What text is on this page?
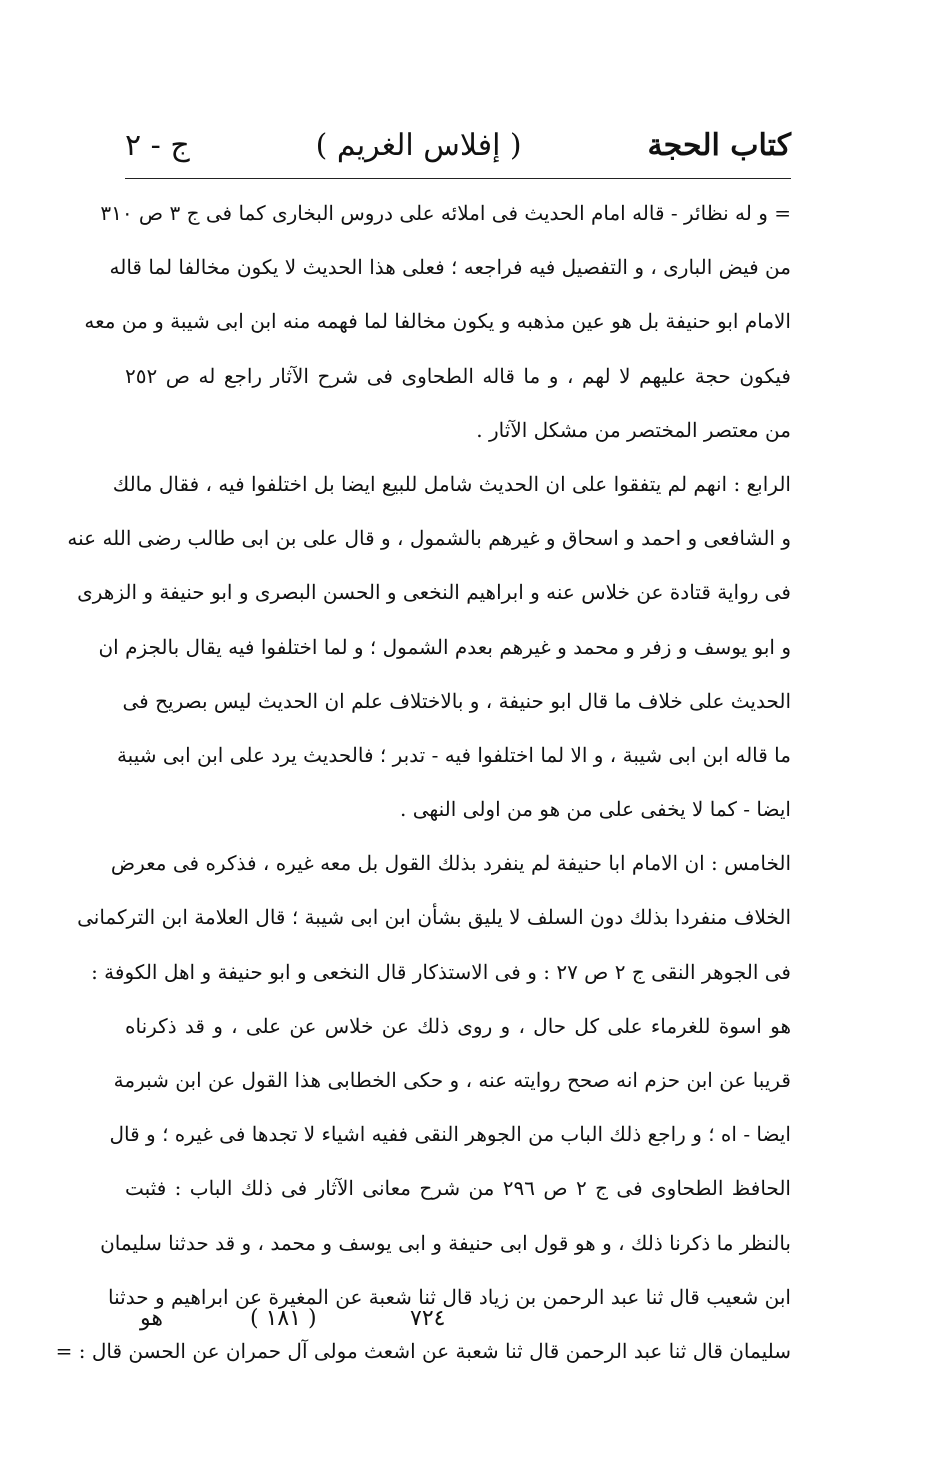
كتاب الحجة
( إفلاس الغريم )
ج - ٢
= و له نظائر - قاله امام الحديث فى املائه على دروس البخارى كما فى ج ٣ ص ٣١٠
من فيض البارى ، و التفصيل فيه فراجعه ؛ فعلى هذا الحديث لا يكون مخالفا لما قاله
الامام ابو حنيفة بل هو عين مذهبه و يكون مخالفا لما فهمه منه ابن ابى شيبة و من معه
فيكون حجة عليهم لا لهم ، و ما قاله الطحاوى فى شرح الآثار راجع له ص ٢٥٢
من معتصر المختصر من مشكل الآثار .
الرابع : انهم لم يتفقوا على ان الحديث شامل للبيع ايضا بل اختلفوا فيه ، فقال مالك
و الشافعى و احمد و اسحاق و غيرهم بالشمول ، و قال على بن ابى طالب رضى الله عنه
فى رواية قتادة عن خلاس عنه و ابراهيم النخعى و الحسن البصرى و ابو حنيفة و الزهرى
و ابو يوسف و زفر و محمد و غيرهم بعدم الشمول ؛ و لما اختلفوا فيه يقال بالجزم ان
الحديث على خلاف ما قال ابو حنيفة ، و بالاختلاف علم ان الحديث ليس بصريح فى
ما قاله ابن ابى شيبة ، و الا لما اختلفوا فيه - تدبر ؛ فالحديث يرد على ابن ابى شيبة
ايضا - كما لا يخفى على من هو من اولى النهى .
الخامس : ان الامام ابا حنيفة لم ينفرد بذلك القول بل معه غيره ، فذكره فى معرض
الخلاف منفردا بذلك دون السلف لا يليق بشأن ابن ابى شيبة ؛ قال العلامة ابن التركمانى
فى الجوهر النقى ج ٢ ص ٢٧ : و فى الاستذكار قال النخعى و ابو حنيفة و اهل الكوفة :
هو اسوة للغرماء على كل حال ، و روى ذلك عن خلاس عن على ، و قد ذكرناه
قريبا عن ابن حزم انه صحح روايته عنه ، و حكى الخطابى هذا القول عن ابن شبرمة
ايضا - اه ؛ و راجع ذلك الباب من الجوهر النقى ففيه اشياء لا تجدها فى غيره ؛ و قال
الحافظ الطحاوى فى ج ٢ ص ٢٩٦ من شرح معانى الآثار فى ذلك الباب : فثبت
بالنظر ما ذكرنا ذلك ، و هو قول ابى حنيفة و ابى يوسف و محمد ، و قد حدثنا سليمان
ابن شعيب قال ثنا عبد الرحمن بن زياد قال ثنا شعبة عن المغيرة عن ابراهيم و حدثنا
سليمان قال ثنا عبد الرحمن قال ثنا شعبة عن اشعث مولى آل حمران عن الحسن قال : =
هو	( ١٨١ )	٧٢٤
